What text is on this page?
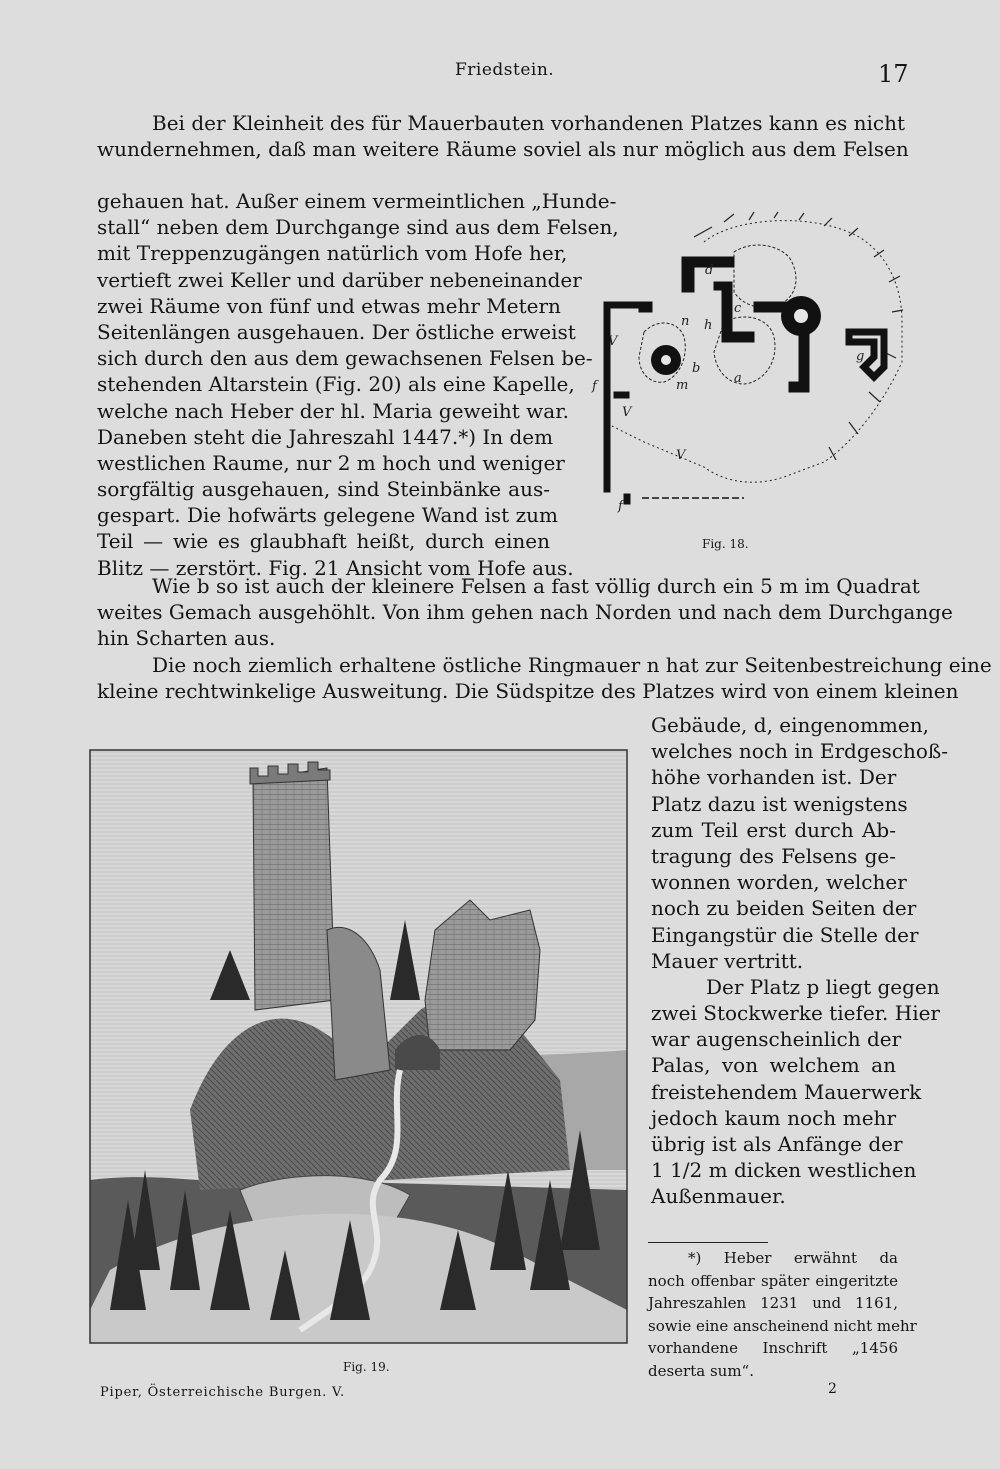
Friedstein.	17
Bei der Kleinheit des für Mauerbauten vorhandenen Platzes kann es nicht
wundernehmen, daß man weitere Räume soviel als nur möglich aus dem Felsen
gehauen hat. Außer einem vermeintlichen „Hunde-
stall“ neben dem Durchgange sind aus dem Felsen,
mit Treppenzugängen natürlich vom Hofe her,
vertieft zwei Keller und darüber nebeneinander
zwei Räume von fünf und etwas mehr Metern
Seitenlängen ausgehauen. Der östliche erweist
sich durch den aus dem gewachsenen Felsen be-
stehenden Altarstein (Fig. 20) als eine Kapelle,
welche nach Heber der hl. Maria geweiht war.
Daneben steht die Jahreszahl 1447.*) In dem
westlichen Raume, nur 2 m hoch und weniger
sorgfältig ausgehauen, sind Steinbänke aus-
gespart. Die hofwärts gelegene Wand ist zum
Teil — wie es glaubhaft heißt, durch einen
Blitz — zerstört. Fig. 21 Ansicht vom Hofe aus.
d
c
h
n
g
V
b
m	a
V
f
V
f
Fig. 18.
Wie b so ist auch der kleinere Felsen a fast völlig durch ein 5 m im Quadrat
weites Gemach ausgehöhlt. Von ihm gehen nach Norden und nach dem Durchgange
hin Scharten aus.
Die noch ziemlich erhaltene östliche Ringmauer n hat zur Seitenbestreichung eine
kleine rechtwinkelige Ausweitung. Die Südspitze des Platzes wird von einem kleinen
Fig. 19.
Gebäude, d, eingenommen,
welches noch in Erdgeschoß-
höhe vorhanden ist. Der
Platz dazu ist wenigstens
zum Teil erst durch Ab-
tragung des Felsens ge-
wonnen worden, welcher
noch zu beiden Seiten der
Eingangstür die Stelle der
Mauer vertritt.
Der Platz p liegt gegen
zwei Stockwerke tiefer. Hier
war augenscheinlich der
Palas, von welchem an
freistehendem Mauerwerk
jedoch kaum noch mehr
übrig ist als Anfänge der
1 1/2 m dicken westlichen
Außenmauer.
*) Heber erwähnt da
noch offenbar später eingeritzte
Jahreszahlen 1231 und 1161,
sowie eine anscheinend nicht mehr
vorhandene Inschrift „1456
deserta sum“.
Piper, Österreichische Burgen. V.	2
